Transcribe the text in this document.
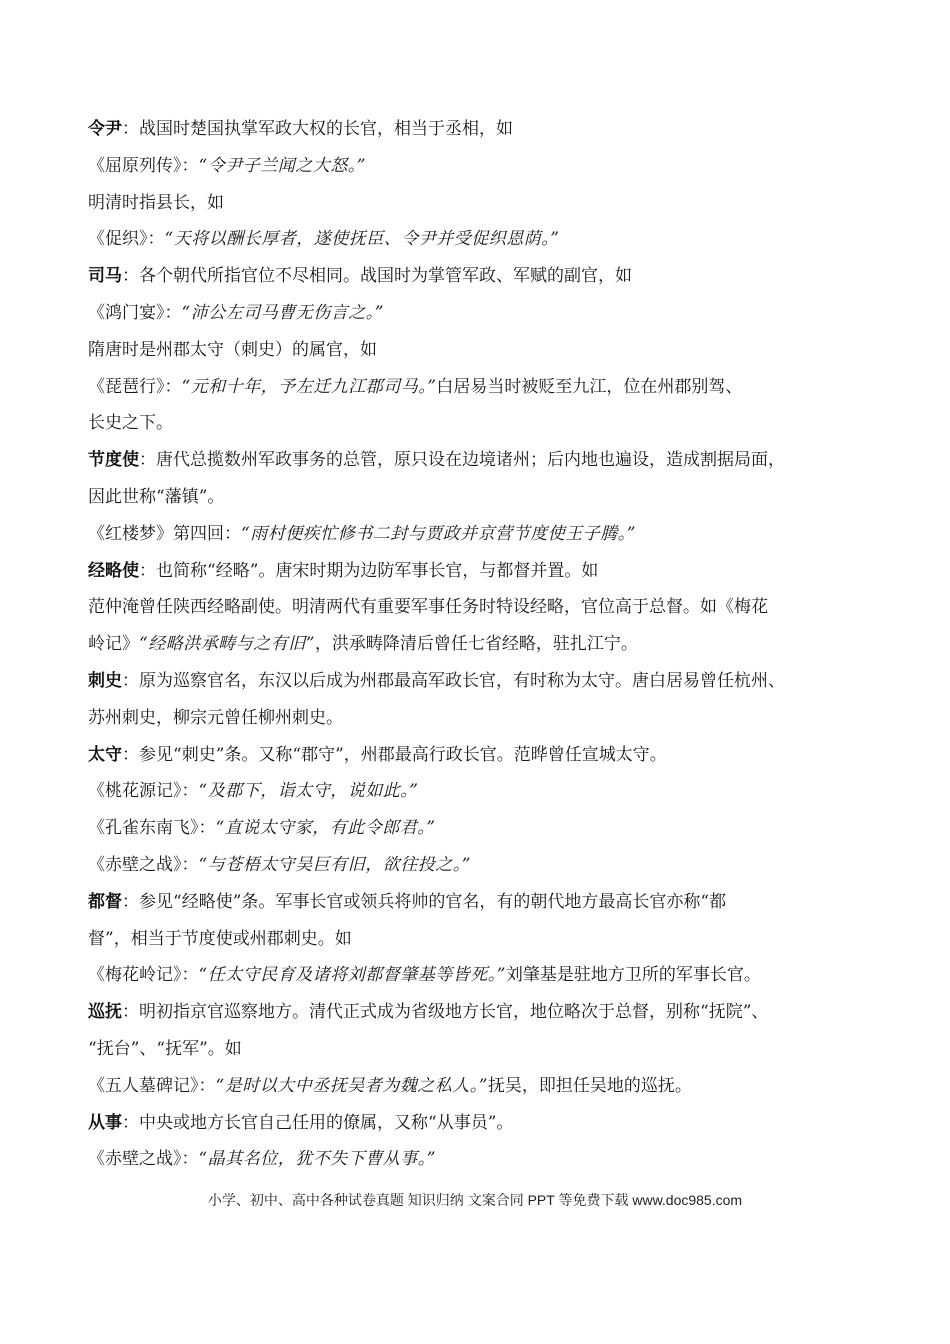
令尹：战国时楚国执掌军政大权的长官，相当于丞相，如
《屈原列传》：“令尹子兰闻之大怒。”
明清时指县长，如
《促织》：“天将以酬长厚者，遂使抚臣、令尹并受促织恩荫。”
司马：各个朝代所指官位不尽相同。战国时为掌管军政、军赋的副官，如
《鸿门宴》：“沛公左司马曹无伤言之。”
隋唐时是州郡太守（刺史）的属官，如
《琵琶行》：“元和十年，予左迁九江郡司马。”白居易当时被贬至九江，位在州郡别驾、
长史之下。
节度使：唐代总揽数州军政事务的总管，原只设在边境诸州；后内地也遍设，造成割据局面，
因此世称“藩镇”。
《红楼梦》第四回：“雨村便疾忙修书二封与贾政并京营节度使王子腾。”
经略使：也简称“经略”。唐宋时期为边防军事长官，与都督并置。如
范仲淹曾任陕西经略副使。明清两代有重要军事任务时特设经略，官位高于总督。如《梅花
岭记》“经略洪承畴与之有旧”，洪承畴降清后曾任七省经略，驻扎江宁。
刺史：原为巡察官名，东汉以后成为州郡最高军政长官，有时称为太守。唐白居易曾任杭州、
苏州刺史，柳宗元曾任柳州刺史。
太守：参见“刺史”条。又称“郡守”，州郡最高行政长官。范晔曾任宣城太守。
《桃花源记》：“及郡下，诣太守，说如此。”
《孔雀东南飞》：“直说太守家，有此令郎君。”
《赤壁之战》：“与苍梧太守吴巨有旧，欲往投之。”
都督：参见“经略使”条。军事长官或领兵将帅的官名，有的朝代地方最高长官亦称“都
督”，相当于节度使或州郡刺史。如
《梅花岭记》：“任太守民育及诸将刘都督肇基等皆死。”刘肇基是驻地方卫所的军事长官。
巡抚：明初指京官巡察地方。清代正式成为省级地方长官，地位略次于总督，别称“抚院”、
“抚台”、“抚军”。如
《五人墓碑记》：“是时以大中丞抚吴者为魏之私人。”抚吴，即担任吴地的巡抚。
从事：中央或地方长官自己任用的僚属，又称“从事员”。
《赤壁之战》：“晶其名位，犹不失下曹从事。”
小学、初中、高中各种试卷真题 知识归纳 文案合同 PPT 等免费下载 www.doc985.com
